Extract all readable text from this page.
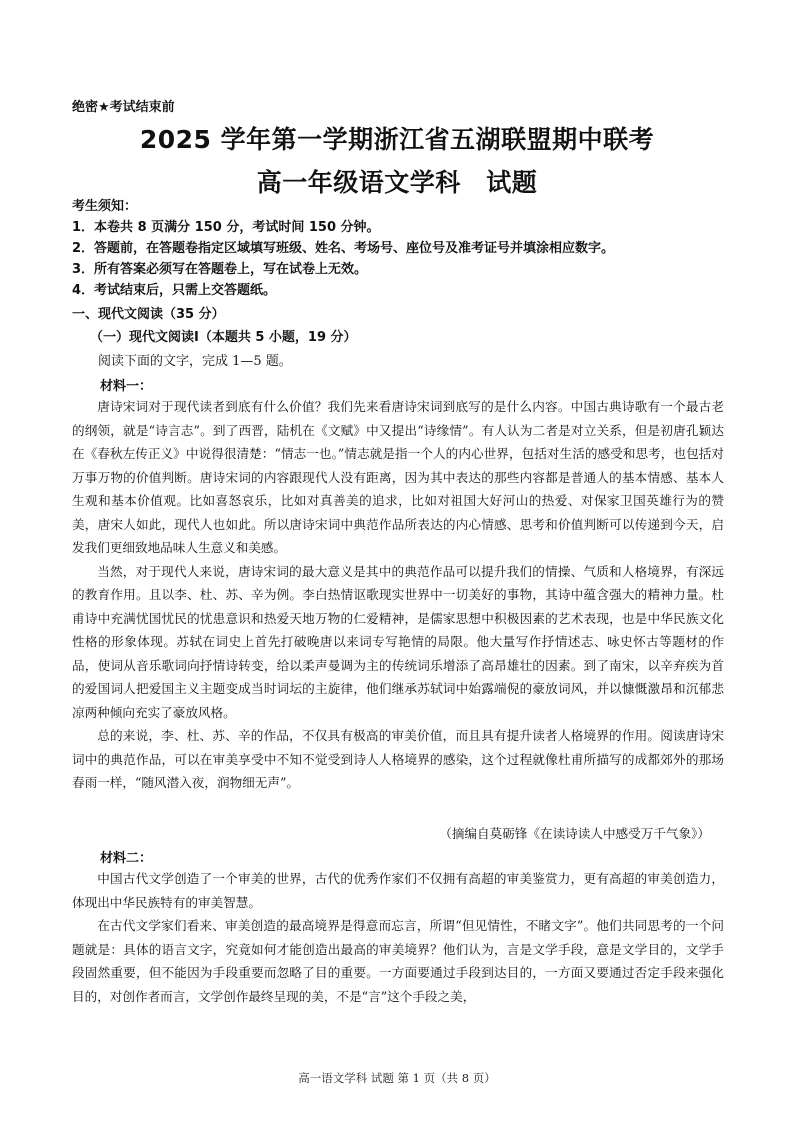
绝密★考试结束前
2025 学年第一学期浙江省五湖联盟期中联考
高一年级语文学科　试题
考生须知：
1．本卷共 8 页满分 150 分，考试时间 150 分钟。
2．答题前，在答题卷指定区域填写班级、姓名、考场号、座位号及准考证号并填涂相应数字。
3．所有答案必须写在答题卷上，写在试卷上无效。
4．考试结束后，只需上交答题纸。
一、现代文阅读（35 分）
（一）现代文阅读Ⅰ（本题共 5 小题，19 分）
阅读下面的文字，完成 1—5 题。
材料一：

唐诗宋词对于现代读者到底有什么价值？我们先来看唐诗宋词到底写的是什么内容。中国古典诗歌有一个最古老的纲领，就是“诗言志”。到了西晋，陆机在《文赋》中又提出“诗缘情”。有人认为二者是对立关系，但是初唐孔颖达在《春秋左传正义》中说得很清楚：“情志一也。”情志就是指一个人的内心世界，包括对生活的感受和思考，也包括对万事万物的价值判断。唐诗宋词的内容跟现代人没有距离，因为其中表达的那些内容都是普通人的基本情感、基本人生观和基本价值观。比如喜怒哀乐，比如对真善美的追求，比如对祖国大好河山的热爱、对保家卫国英雄行为的赞美，唐宋人如此，现代人也如此。所以唐诗宋词中典范作品所表达的内心情感、思考和价值判断可以传递到今天，启发我们更细致地品味人生意义和美感。

当然，对于现代人来说，唐诗宋词的最大意义是其中的典范作品可以提升我们的情操、气质和人格境界，有深远的教育作用。且以李、杜、苏、辛为例。李白热情讴歌现实世界中一切美好的事物，其诗中蕴含强大的精神力量。杜甫诗中充满忧国忧民的忧患意识和热爱天地万物的仁爱精神，是儒家思想中积极因素的艺术表现，也是中华民族文化性格的形象体现。苏轼在词史上首先打破晚唐以来词专写艳情的局限。他大量写作抒情述志、咏史怀古等题材的作品，使词从音乐歌词向抒情诗转变，给以柔声曼调为主的传统词乐增添了高昂雄壮的因素。到了南宋，以辛弃疾为首的爱国词人把爱国主义主题变成当时词坛的主旋律，他们继承苏轼词中始露端倪的豪放词风，并以慷慨激昂和沉郁悲凉两种倾向充实了豪放风格。

总的来说，李、杜、苏、辛的作品，不仅具有极高的审美价值，而且具有提升读者人格境界的作用。阅读唐诗宋词中的典范作品，可以在审美享受中不知不觉受到诗人人格境界的感染，这个过程就像杜甫所描写的成都郊外的那场春雨一样，“随风潜入夜，润物细无声”。

（摘编自莫砺锋《在读诗读人中感受万千气象》）
材料二：

中国古代文学创造了一个审美的世界，古代的优秀作家们不仅拥有高超的审美鉴赏力，更有高超的审美创造力，体现出中华民族特有的审美智慧。

在古代文学家们看来、审美创造的最高境界是得意而忘言，所谓“但见情性，不睹文字”。他们共同思考的一个问题就是：具体的语言文字，究竟如何才能创造出最高的审美境界？他们认为，言是文学手段，意是文学目的，文学手段固然重要，但不能因为手段重要而忽略了目的重要。一方面要通过手段到达目的，一方面又要通过否定手段来强化目的，对创作者而言，文学创作最终呈现的美，不是“言”这个手段之美，

高一语文学科 试题 第 1 页（共 8 页）
